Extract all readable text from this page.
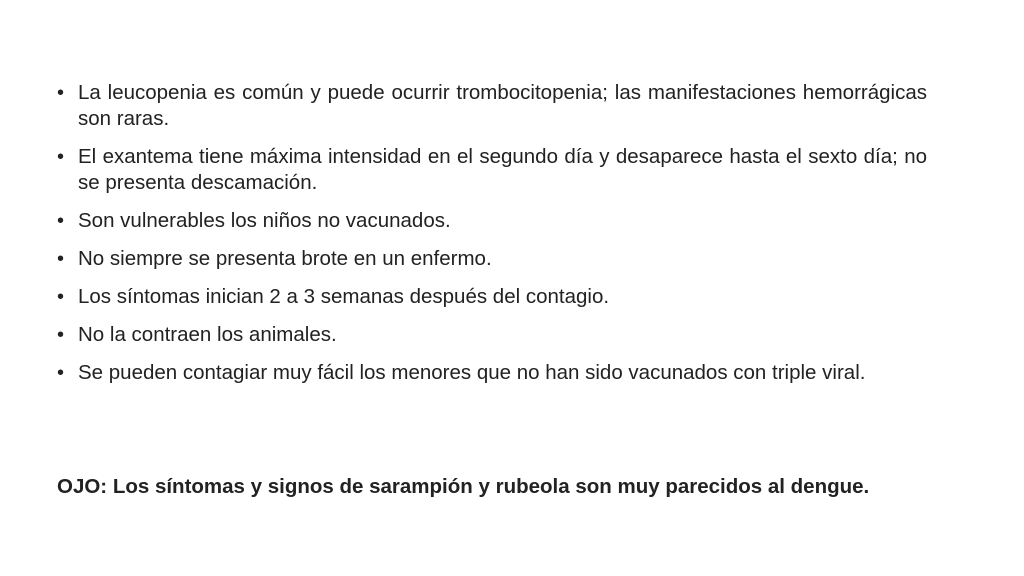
• La leucopenia es común y puede ocurrir trombocitopenia; las manifestaciones hemorrágicas son raras.
• El exantema tiene máxima intensidad en el segundo día y desaparece hasta el sexto día; no se presenta descamación.
• Son vulnerables los niños no vacunados.
• No siempre se presenta brote en un enfermo.
• Los síntomas inician 2 a 3 semanas después del contagio.
• No la contraen los animales.
• Se pueden contagiar muy fácil los menores que no han sido vacunados con triple viral.
OJO: Los síntomas y signos de sarampión y rubeola son muy parecidos al dengue.
